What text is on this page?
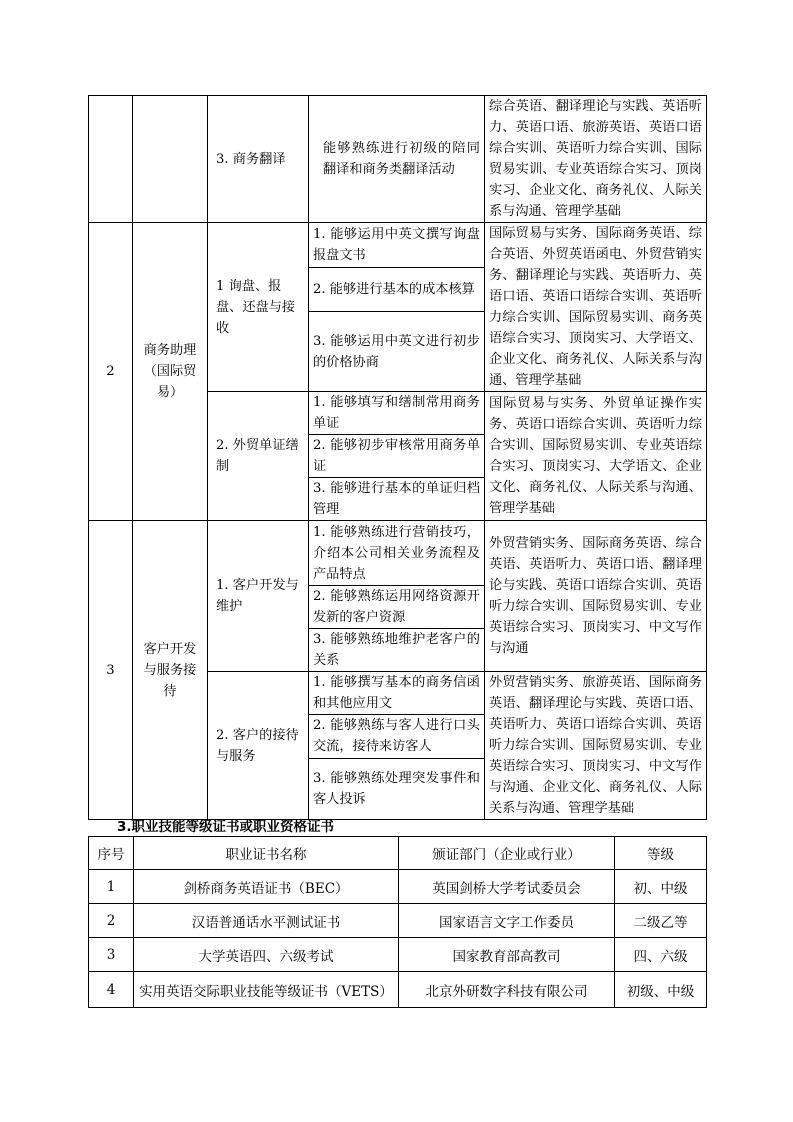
		3. 商务翻译	能够熟练进行初级的陪同翻译和商务类翻译活动	综合英语、翻译理论与实践、英语听力、英语口语、旅游英语、英语口语综合实训、英语听力综合实训、国际贸易实训、专业英语综合实习、顶岗实习、企业文化、商务礼仪、人际关系与沟通、管理学基础
2	商务助理（国际贸易）	1 询盘、报盘、还盘与接收	1. 能够运用中英文撰写询盘报盘文书	国际贸易与实务、国际商务英语、综合英语、外贸英语函电、外贸营销实务、翻译理论与实践、英语听力、英语口语、英语口语综合实训、英语听力综合实训、国际贸易实训、商务英语综合实习、顶岗实习、大学语文、企业文化、商务礼仪、人际关系与沟通、管理学基础
			2. 能够进行基本的成本核算	
			3. 能够运用中英文进行初步的价格协商	
		2. 外贸单证缮制	1. 能够填写和缮制常用商务单证	国际贸易与实务、外贸单证操作实务、英语口语综合实训、英语听力综合实训、国际贸易实训、专业英语综合实习、顶岗实习、大学语文、企业文化、商务礼仪、人际关系与沟通、管理学基础
			2. 能够初步审核常用商务单证	
			3. 能够进行基本的单证归档管理	
3	客户开发与服务接待	1. 客户开发与维护	1. 能够熟练进行营销技巧，介绍本公司相关业务流程及产品特点	外贸营销实务、国际商务英语、综合英语、英语听力、英语口语、翻译理论与实践、英语口语综合实训、英语听力综合实训、国际贸易实训、专业英语综合实习、顶岗实习、中文写作与沟通
			2. 能够熟练运用网络资源开发新的客户资源	
			3. 能够熟练地维护老客户的关系	
		2. 客户的接待与服务	1. 能够撰写基本的商务信函和其他应用文	外贸营销实务、旅游英语、国际商务英语、翻译理论与实践、英语口语、英语听力、英语口语综合实训、英语听力综合实训、国际贸易实训、专业英语综合实习、顶岗实习、中文写作与沟通、企业文化、商务礼仪、人际关系与沟通、管理学基础
			2. 能够熟练与客人进行口头交流，接待来访客人	
			3. 能够熟练处理突发事件和客人投诉	
3.职业技能等级证书或职业资格证书
序号	职业证书名称	颁证部门（企业或行业）	等级
1	剑桥商务英语证书（BEC）	英国剑桥大学考试委员会	初、中级
2	汉语普通话水平测试证书	国家语言文字工作委员	二级乙等
3	大学英语四、六级考试	国家教育部高教司	四、六级
4	实用英语交际职业技能等级证书（VETS）	北京外研数字科技有限公司	初级、中级
